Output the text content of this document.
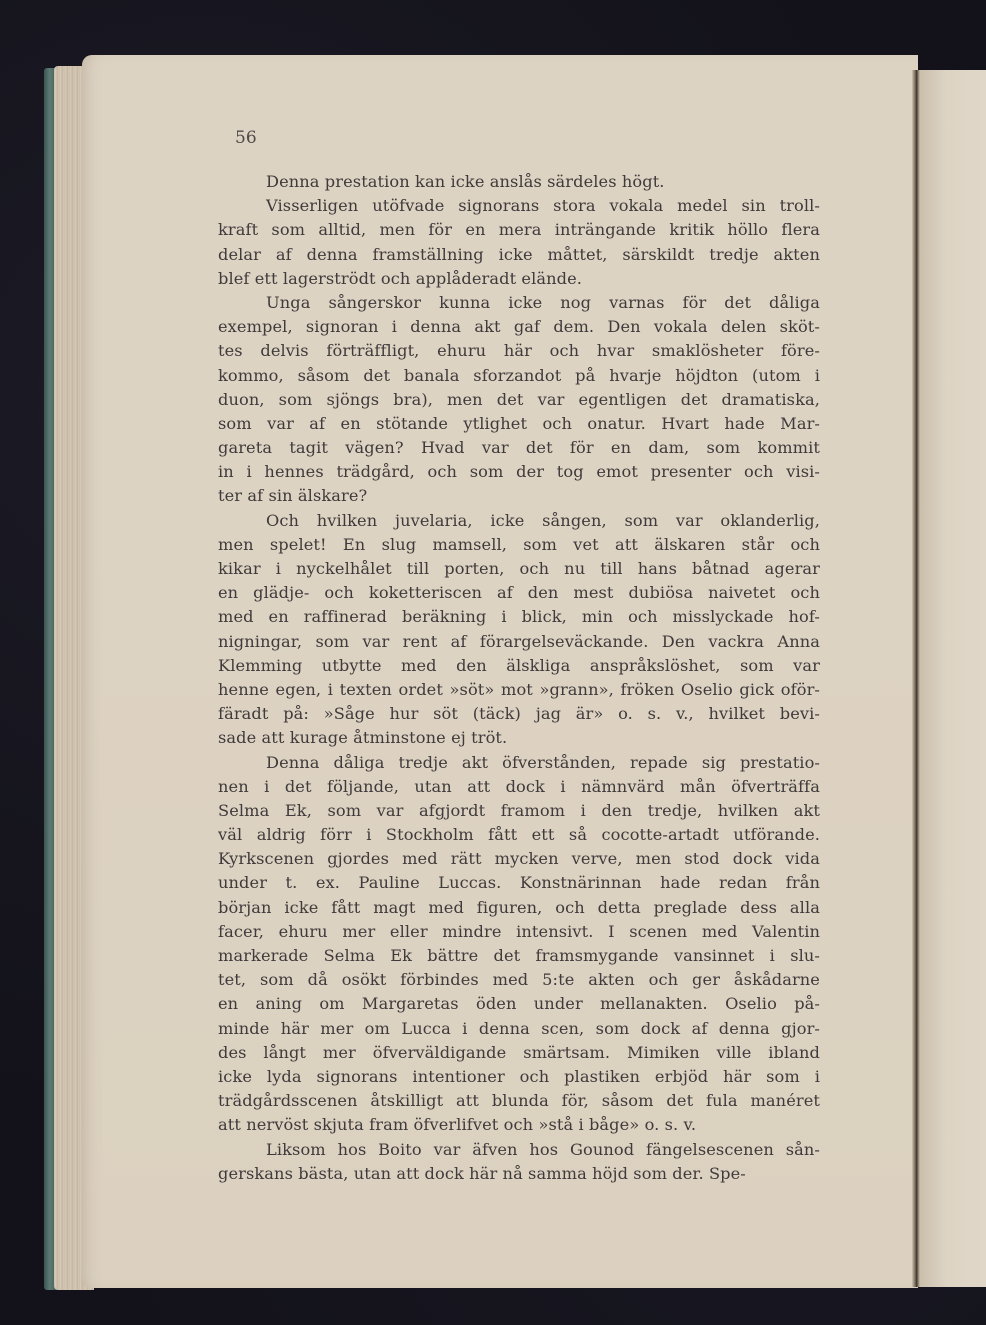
56
Denna prestation kan icke anslås särdeles högt.
Visserligen utöfvade signorans stora vokala medel sin troll-
kraft som alltid, men för en mera inträngande kritik höllo flera
delar af denna framställning icke måttet, särskildt tredje akten
blef ett lagerströdt och applåderadt elände.
Unga sångerskor kunna icke nog varnas för det dåliga
exempel, signoran i denna akt gaf dem. Den vokala delen sköt-
tes delvis förträffligt, ehuru här och hvar smaklösheter före-
kommo, såsom det banala sforzandot på hvarje höjdton (utom i
duon, som sjöngs bra), men det var egentligen det dramatiska,
som var af en stötande ytlighet och onatur. Hvart hade Mar-
gareta tagit vägen? Hvad var det för en dam, som kommit
in i hennes trädgård, och som der tog emot presenter och visi-
ter af sin älskare?
Och hvilken juvelaria, icke sången, som var oklanderlig,
men spelet! En slug mamsell, som vet att älskaren står och
kikar i nyckelhålet till porten, och nu till hans båtnad agerar
en glädje- och koketteriscen af den mest dubiösa naivetet och
med en raffinerad beräkning i blick, min och misslyckade hof-
nigningar, som var rent af förargelseväckande. Den vackra Anna
Klemming utbytte med den älskliga anspråkslöshet, som var
henne egen, i texten ordet »söt» mot »grann», fröken Oselio gick oför-
färadt på: »Såge hur söt (täck) jag är» o. s. v., hvilket bevi-
sade att kurage åtminstone ej tröt.
Denna dåliga tredje akt öfverstånden, repade sig prestatio-
nen i det följande, utan att dock i nämnvärd mån öfverträffa
Selma Ek, som var afgjordt framom i den tredje, hvilken akt
väl aldrig förr i Stockholm fått ett så cocotte-artadt utförande.
Kyrkscenen gjordes med rätt mycken verve, men stod dock vida
under t. ex. Pauline Luccas. Konstnärinnan hade redan från
början icke fått magt med figuren, och detta preglade dess alla
facer, ehuru mer eller mindre intensivt. I scenen med Valentin
markerade Selma Ek bättre det framsmygande vansinnet i slu-
tet, som då osökt förbindes med 5:te akten och ger åskådarne
en aning om Margaretas öden under mellanakten. Oselio på-
minde här mer om Lucca i denna scen, som dock af denna gjor-
des långt mer öfverväldigande smärtsam. Mimiken ville ibland
icke lyda signorans intentioner och plastiken erbjöd här som i
trädgårdsscenen åtskilligt att blunda för, såsom det fula manéret
att nervöst skjuta fram öfverlifvet och »stå i båge» o. s. v.
Liksom hos Boito var äfven hos Gounod fängelsescenen sån-
gerskans bästa, utan att dock här nå samma höjd som der. Spe-
